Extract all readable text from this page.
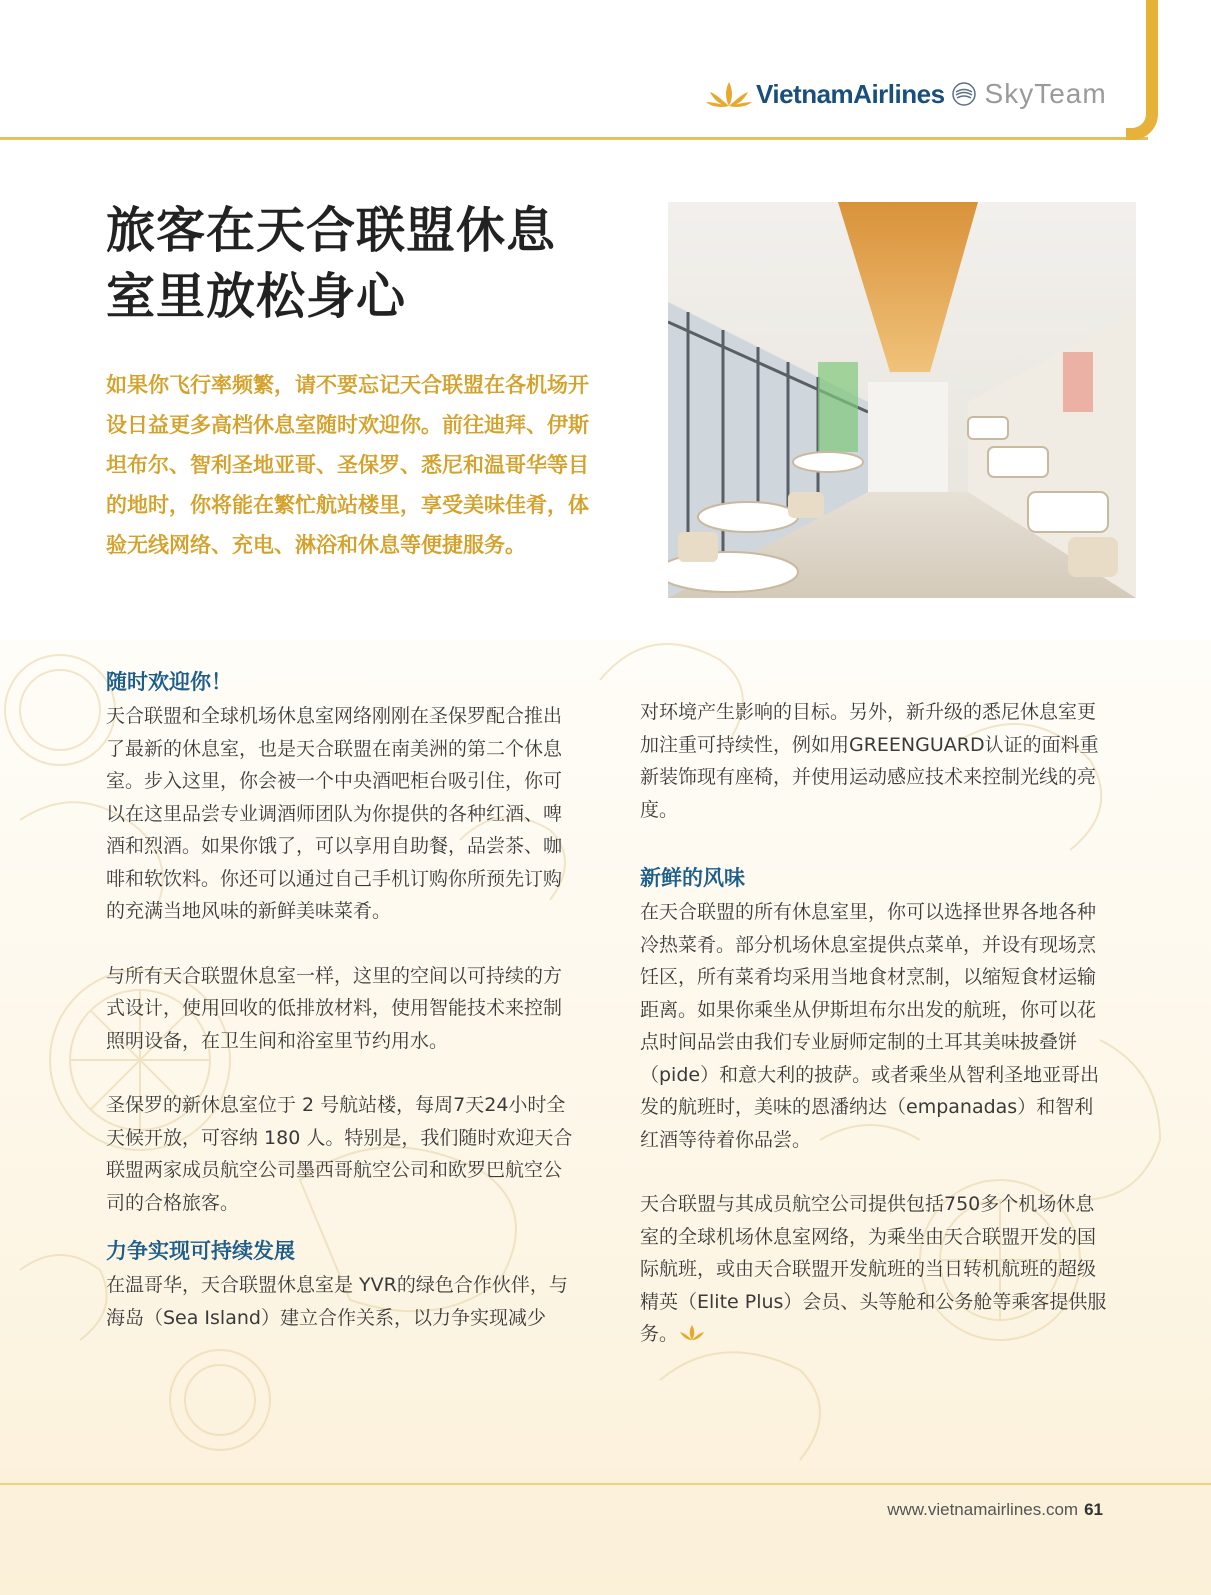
VietnamAirlines SkyTeam
旅客在天合联盟休息
室里放松身心

如果你飞行率频繁，请不要忘记天合联盟在各机场开设日益更多高档休息室随时欢迎你。前往迪拜、伊斯坦布尔、智利圣地亚哥、圣保罗、悉尼和温哥华等目的地时，你将能在繁忙航站楼里，享受美味佳肴，体验无线网络、充电、淋浴和休息等便捷服务。

随时欢迎你！

天合联盟和全球机场休息室网络刚刚在圣保罗配合推出了最新的休息室，也是天合联盟在南美洲的第二个休息室。步入这里，你会被一个中央酒吧柜台吸引住，你可以在这里品尝专业调酒师团队为你提供的各种红酒、啤酒和烈酒。如果你饿了，可以享用自助餐，品尝茶、咖啡和软饮料。你还可以通过自己手机订购你所预先订购的充满当地风味的新鲜美味菜肴。

与所有天合联盟休息室一样，这里的空间以可持续的方式设计，使用回收的低排放材料，使用智能技术来控制照明设备，在卫生间和浴室里节约用水。

圣保罗的新休息室位于 2 号航站楼，每周7天24小时全天候开放，可容纳 180 人。特别是，我们随时欢迎天合联盟两家成员航空公司墨西哥航空公司和欧罗巴航空公司的合格旅客。

力争实现可持续发展

在温哥华，天合联盟休息室是 YVR的绿色合作伙伴，与海岛（Sea Island）建立合作关系，以力争实现减少

对环境产生影响的目标。另外，新升级的悉尼休息室更加注重可持续性，例如用GREENGUARD认证的面料重新装饰现有座椅，并使用运动感应技术来控制光线的亮度。

新鲜的风味

在天合联盟的所有休息室里，你可以选择世界各地各种冷热菜肴。部分机场休息室提供点菜单，并设有现场烹饪区，所有菜肴均采用当地食材烹制，以缩短食材运输距离。如果你乘坐从伊斯坦布尔出发的航班，你可以花点时间品尝由我们专业厨师定制的土耳其美味披叠饼（pide）和意大利的披萨。或者乘坐从智利圣地亚哥出发的航班时，美味的恩潘纳达（empanadas）和智利红酒等待着你品尝。

天合联盟与其成员航空公司提供包括750多个机场休息室的全球机场休息室网络，为乘坐由天合联盟开发的国际航班，或由天合联盟开发航班的当日转机航班的超级精英（Elite Plus）会员、头等舱和公务舱等乘客提供服务。

www.vietnamairlines.com 61
